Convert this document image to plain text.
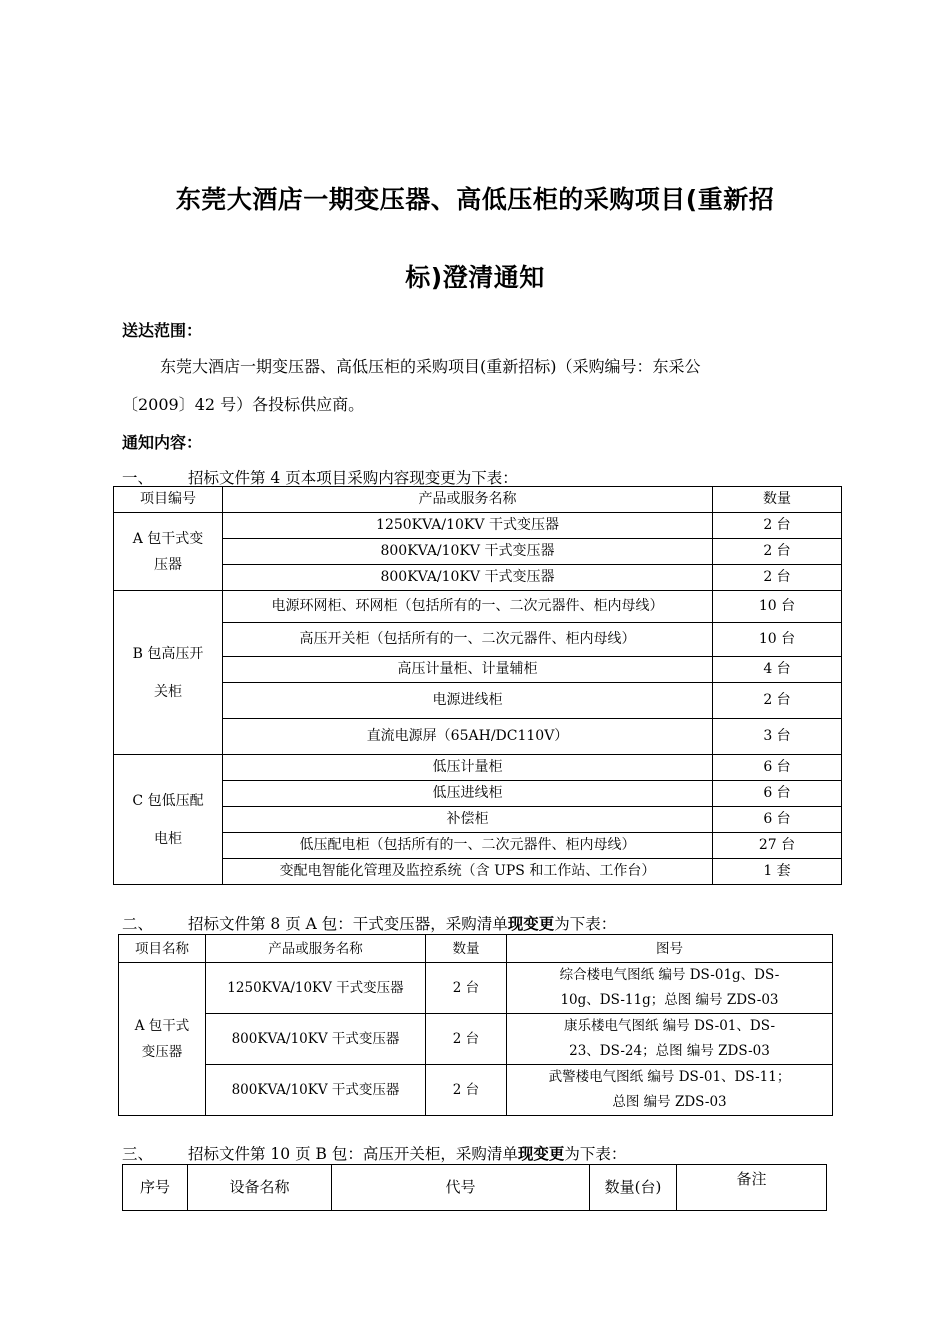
东莞大酒店一期变压器、高低压柜的采购项目(重新招
标)澄清通知
送达范围：
东莞大酒店一期变压器、高低压柜的采购项目(重新招标)（采购编号：东采公
〔2009〕42 号）各投标供应商。
通知内容：
一、 招标文件第 4 页本项目采购内容现变更为下表：
项目编号	产品或服务名称	数量
A 包干式变压器	1250KVA/10KV 干式变压器	2 台
	800KVA/10KV 干式变压器	2 台
	800KVA/10KV 干式变压器	2 台
B 包高压开关柜	电源环网柜、环网柜（包括所有的一、二次元器件、柜内母线）	10 台
	高压开关柜（包括所有的一、二次元器件、柜内母线）	10 台
	高压计量柜、计量辅柜	4 台
	电源进线柜	2 台
	直流电源屏（65AH/DC110V）	3 台
C 包低压配电柜	低压计量柜	6 台
	低压进线柜	6 台
	补偿柜	6 台
	低压配电柜（包括所有的一、二次元器件、柜内母线）	27 台
	变配电智能化管理及监控系统（含 UPS 和工作站、工作台）	1 套
二、 招标文件第 8 页 A 包：干式变压器，采购清单现变更为下表：
项目名称	产品或服务名称	数量	图号
A 包干式变压器	1250KVA/10KV 干式变压器	2 台	综合楼电气图纸 编号 DS-01g、DS-
10g、DS-11g；总图 编号 ZDS-03

	800KVA/10KV 干式变压器	2 台	康乐楼电气图纸 编号 DS-01、DS-
23、DS-24；总图 编号 ZDS-03

	800KVA/10KV 干式变压器	2 台	武警楼电气图纸 编号 DS-01、DS-11；
总图 编号 ZDS-03
三、 招标文件第 10 页 B 包：高压开关柜，采购清单现变更为下表：
序号	设备名称	代号	数量(台)	备注
